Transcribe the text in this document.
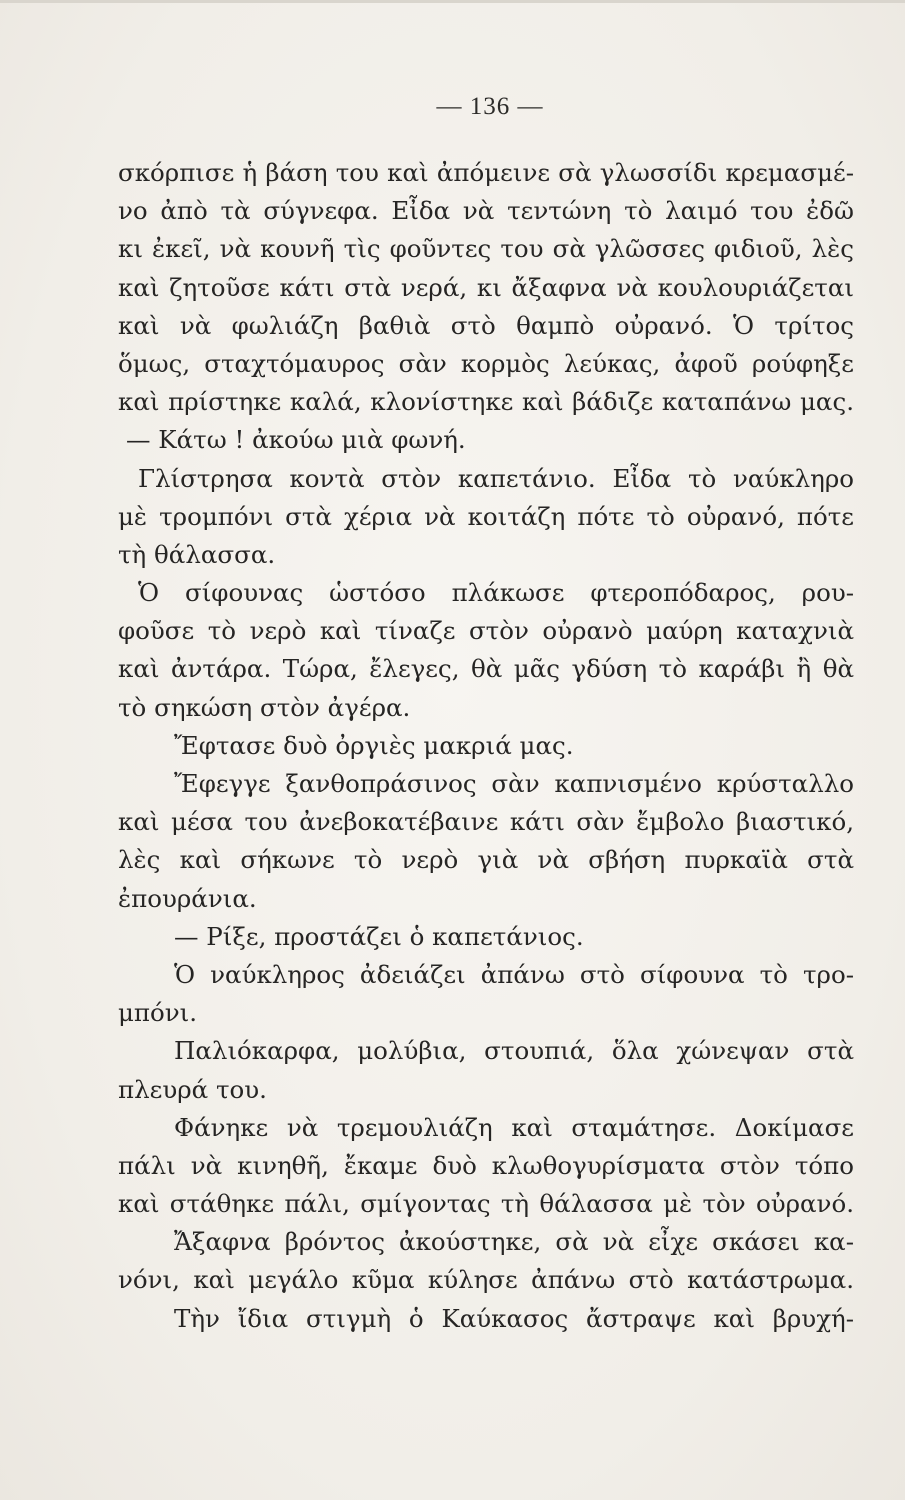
— 136 —
σκόρπισε ἡ βάση του καὶ ἀπόμεινε σὰ γλωσσίδι κρεμασμέ-
νο ἀπὸ τὰ σύγνεφα. Εἶδα νὰ τεντώνη τὸ λαιμό του ἐδῶ
κι ἐκεῖ, νὰ κουνῆ τὶς φοῦντες του σὰ γλῶσσες φιδιοῦ, λὲς
καὶ ζητοῦσε κάτι στὰ νερά, κι ἄξαφνα νὰ κουλουριάζεται
καὶ νὰ φωλιάζη βαθιὰ στὸ θαμπὸ οὐρανό. Ὁ τρίτος
ὅμως, σταχτόμαυρος σὰν κορμὸς λεύκας, ἀφοῦ ρούφηξε
καὶ πρίστηκε καλά, κλονίστηκε καὶ βάδιζε καταπάνω μας.
— Κάτω ! ἀκούω μιὰ φωνή.
Γλίστρησα κοντὰ στὸν καπετάνιο. Εἶδα τὸ ναύκληρο
μὲ τρομπόνι στὰ χέρια νὰ κοιτάζη πότε τὸ οὐρανό, πότε
τὴ θάλασσα.
Ὁ σίφουνας ὡστόσο πλάκωσε φτεροπόδαρος, ρου-
φοῦσε τὸ νερὸ καὶ τίναζε στὸν οὐρανὸ μαύρη καταχνιὰ
καὶ ἀντάρα. Τώρα, ἔλεγες, θὰ μᾶς γδύση τὸ καράβι ἢ θὰ
τὸ σηκώση στὸν ἀγέρα.
Ἔφτασε δυὸ ὀργιὲς μακριά μας.
Ἔφεγγε ξανθοπράσινος σὰν καπνισμένο κρύσταλλο
καὶ μέσα του ἀνεβοκατέβαινε κάτι σὰν ἔμβολο βιαστικό,
λὲς καὶ σήκωνε τὸ νερὸ γιὰ νὰ σβήση πυρκαϊὰ στὰ
ἐπουράνια.
— Ρίξε, προστάζει ὁ καπετάνιος.
Ὁ ναύκληρος ἀδειάζει ἀπάνω στὸ σίφουνα τὸ τρο-
μπόνι.
Παλιόκαρφα, μολύβια, στουπιά, ὅλα χώνεψαν στὰ
πλευρά του.
Φάνηκε νὰ τρεμουλιάζη καὶ σταμάτησε. Δοκίμασε
πάλι νὰ κινηθῆ, ἔκαμε δυὸ κλωθογυρίσματα στὸν τόπο
καὶ στάθηκε πάλι, σμίγοντας τὴ θάλασσα μὲ τὸν οὐρανό.
Ἄξαφνα βρόντος ἀκούστηκε, σὰ νὰ εἶχε σκάσει κα-
νόνι, καὶ μεγάλο κῦμα κύλησε ἀπάνω στὸ κατάστρωμα.
Τὴν ἴδια στιγμὴ ὁ Καύκασος ἄστραψε καὶ βρυχή-
